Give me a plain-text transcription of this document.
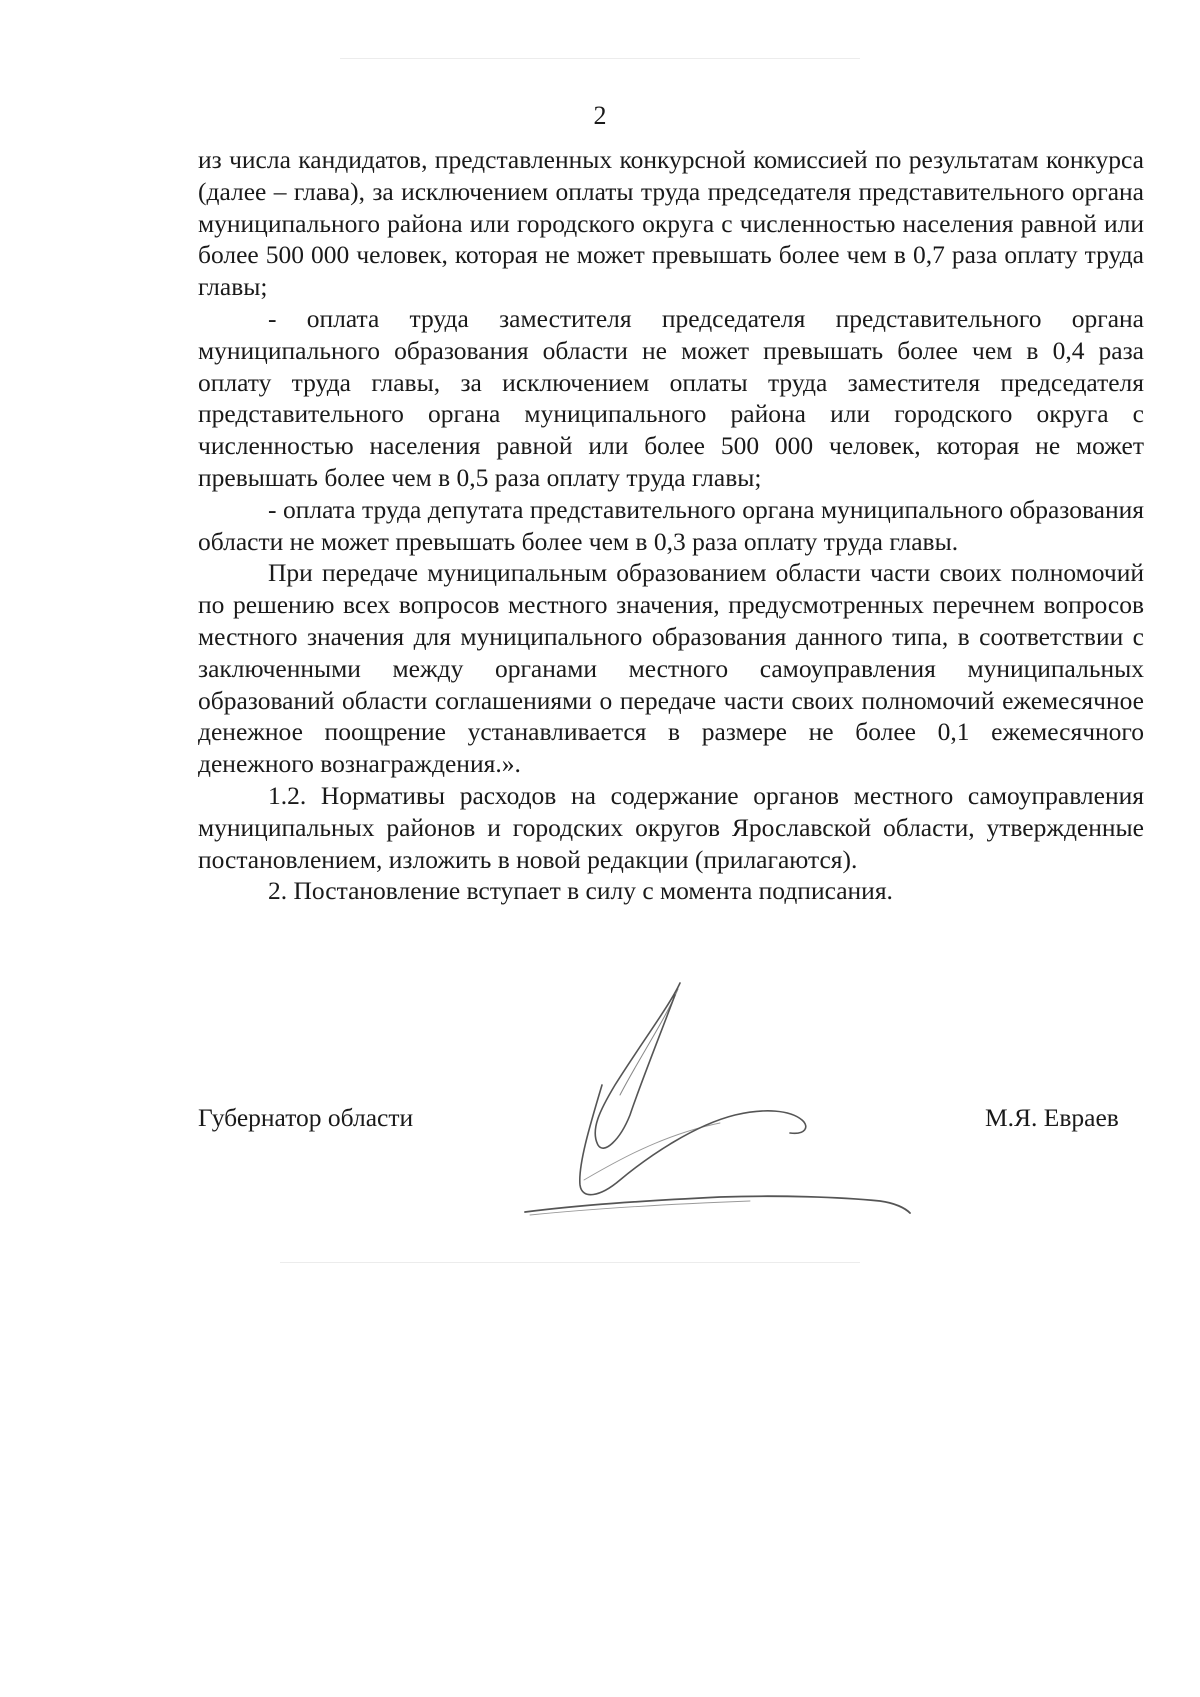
2

из числа кандидатов, представленных конкурсной комиссией по результатам конкурса (далее – глава), за исключением оплаты труда председателя представительного органа муниципального района или городского округа с численностью населения равной или более 500 000 человек, которая не может превышать более чем в 0,7 раза оплату труда главы;

- оплата труда заместителя председателя представительного органа муниципального образования области не может превышать более чем в 0,4 раза оплату труда главы, за исключением оплаты труда заместителя председателя представительного органа муниципального района или городского округа с численностью населения равной или более 500 000 человек, которая не может превышать более чем в 0,5 раза оплату труда главы;

- оплата труда депутата представительного органа муниципального образования области не может превышать более чем в 0,3 раза оплату труда главы.

При передаче муниципальным образованием области части своих полномочий по решению всех вопросов местного значения, предусмотренных перечнем вопросов местного значения для муниципального образования данного типа, в соответствии с заключенными между органами местного самоуправления муниципальных образований области соглашениями о передаче части своих полномочий ежемесячное денежное поощрение устанавливается в размере не более 0,1 ежемесячного денежного вознаграждения.».

1.2. Нормативы расходов на содержание органов местного самоуправления муниципальных районов и городских округов Ярославской области, утвержденные постановлением, изложить в новой редакции (прилагаются).

2. Постановление вступает в силу с момента подписания.

Губернатор области	М.Я. Евраев
